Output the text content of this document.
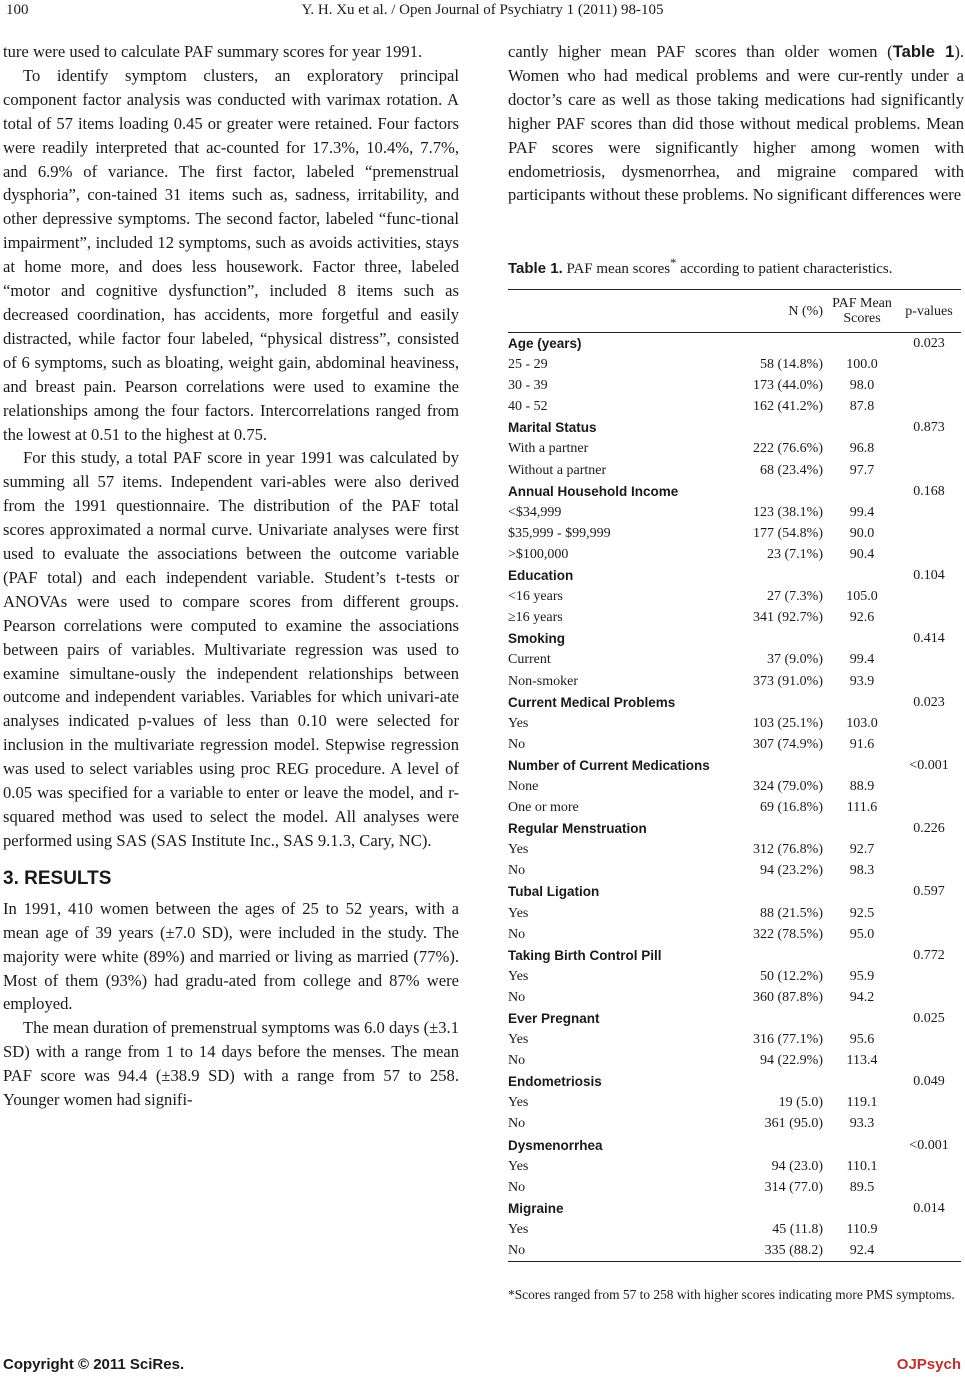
100	Y. H. Xu et al. / Open Journal of Psychiatry 1 (2011) 98-105

ture were used to calculate PAF summary scores for year 1991.

To identify symptom clusters, an exploratory principal component factor analysis was conducted with varimax rotation. A total of 57 items loading 0.45 or greater were retained. Four factors were readily interpreted that ac-counted for 17.3%, 10.4%, 7.7%, and 6.9% of variance. The first factor, labeled “premenstrual dysphoria”, con-tained 31 items such as, sadness, irritability, and other depressive symptoms. The second factor, labeled “func-tional impairment”, included 12 symptoms, such as avoids activities, stays at home more, and does less housework. Factor three, labeled “motor and cognitive dysfunction”, included 8 items such as decreased coordination, has accidents, more forgetful and easily distracted, while factor four labeled, “physical distress”, consisted of 6 symptoms, such as bloating, weight gain, abdominal heaviness, and breast pain. Pearson correlations were used to examine the relationships among the four factors. Intercorrelations ranged from the lowest at 0.51 to the highest at 0.75.

For this study, a total PAF score in year 1991 was calculated by summing all 57 items. Independent vari-ables were also derived from the 1991 questionnaire. The distribution of the PAF total scores approximated a normal curve. Univariate analyses were first used to evaluate the associations between the outcome variable (PAF total) and each independent variable. Student’s t-tests or ANOVAs were used to compare scores from different groups. Pearson correlations were computed to examine the associations between pairs of variables. Multivariate regression was used to examine simultane-ously the independent relationships between outcome and independent variables. Variables for which univari-ate analyses indicated p-values of less than 0.10 were selected for inclusion in the multivariate regression model. Stepwise regression was used to select variables using proc REG procedure. A level of 0.05 was specified for a variable to enter or leave the model, and r-squared method was used to select the model. All analyses were performed using SAS (SAS Institute Inc., SAS 9.1.3, Cary, NC).

3. RESULTS

In 1991, 410 women between the ages of 25 to 52 years, with a mean age of 39 years (±7.0 SD), were included in the study. The majority were white (89%) and married or living as married (77%). Most of them (93%) had gradu-ated from college and 87% were employed.

The mean duration of premenstrual symptoms was 6.0 days (±3.1 SD) with a range from 1 to 14 days before the menses. The mean PAF score was 94.4 (±38.9 SD) with a range from 57 to 258. Younger women had signifi-

cantly higher mean PAF scores than older women (Table 1). Women who had medical problems and were cur-rently under a doctor’s care as well as those taking medications had significantly higher PAF scores than did those without medical problems. Mean PAF scores were significantly higher among women with endometriosis, dysmenorrhea, and migraine compared with participants without these problems. No significant differences were

Table 1. PAF mean scores* according to patient characteristics.
	N (%)	PAF Mean
Scores	p-values
Age (years)			0.023
25 - 29	58 (14.8%)	100.0	
30 - 39	173 (44.0%)	98.0	
40 - 52	162 (41.2%)	87.8	
Marital Status			0.873
With a partner	222 (76.6%)	96.8	
Without a partner	68 (23.4%)	97.7	
Annual Household Income			0.168
<$34,999	123 (38.1%)	99.4	
$35,999 - $99,999	177 (54.8%)	90.0	
>$100,000	23 (7.1%)	90.4	
Education			0.104
<16 years	27 (7.3%)	105.0	
≥16 years	341 (92.7%)	92.6	
Smoking			0.414
Current	37 (9.0%)	99.4	
Non-smoker	373 (91.0%)	93.9	
Current Medical Problems			0.023
Yes	103 (25.1%)	103.0	
No	307 (74.9%)	91.6	
Number of Current Medications			<0.001
None	324 (79.0%)	88.9	
One or more	69 (16.8%)	111.6	
Regular Menstruation			0.226
Yes	312 (76.8%)	92.7	
No	94 (23.2%)	98.3	
Tubal Ligation			0.597
Yes	88 (21.5%)	92.5	
No	322 (78.5%)	95.0	
Taking Birth Control Pill			0.772
Yes	50 (12.2%)	95.9	
No	360 (87.8%)	94.2	
Ever Pregnant			0.025
Yes	316 (77.1%)	95.6	
No	94 (22.9%)	113.4	
Endometriosis			0.049
Yes	19 (5.0)	119.1	
No	361 (95.0)	93.3	
Dysmenorrhea			<0.001
Yes	94 (23.0)	110.1	
No	314 (77.0)	89.5	
Migraine			0.014
Yes	45 (11.8)	110.9	
No	335 (88.2)	92.4	
*Scores ranged from 57 to 258 with higher scores indicating more PMS symptoms.
Copyright © 2011 SciRes.	OJPsych
